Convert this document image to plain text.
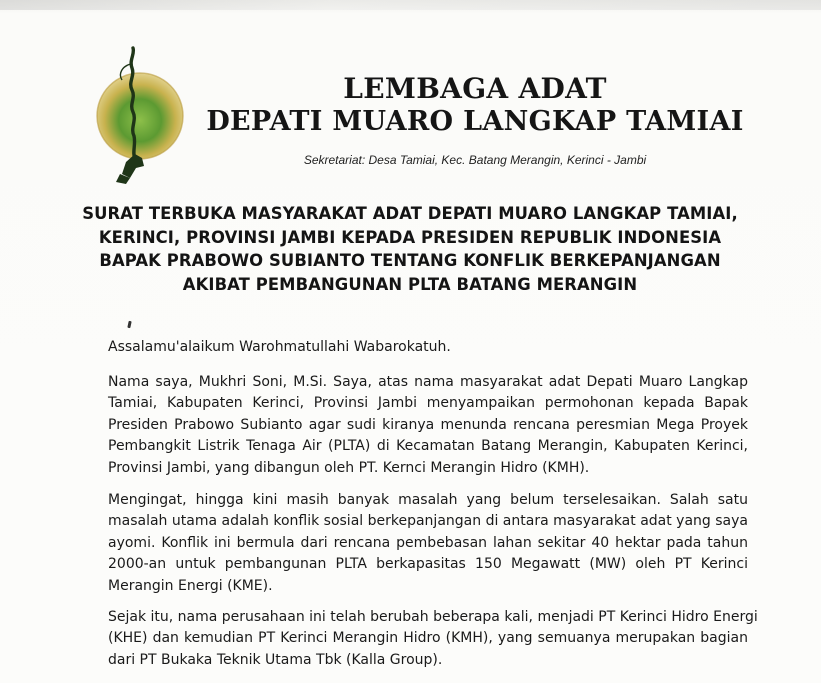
LEMBAGA ADAT
DEPATI MUARO LANGKAP TAMIAI
Sekretariat: Desa Tamiai, Kec. Batang Merangin, Kerinci - Jambi
SURAT TERBUKA MASYARAKAT ADAT DEPATI MUARO LANGKAP TAMIAI,
KERINCI, PROVINSI JAMBI KEPADA PRESIDEN REPUBLIK INDONESIA
BAPAK PRABOWO SUBIANTO TENTANG KONFLIK BERKEPANJANGAN
AKIBAT PEMBANGUNAN PLTA BATANG MERANGIN
Assalamu'alaikum Warohmatullahi Wabarokatuh.
Nama saya, Mukhri Soni, M.Si. Saya, atas nama masyarakat adat Depati Muaro Langkap
Tamiai, Kabupaten Kerinci, Provinsi Jambi menyampaikan permohonan kepada Bapak
Presiden Prabowo Subianto agar sudi kiranya menunda rencana peresmian Mega Proyek
Pembangkit Listrik Tenaga Air (PLTA) di Kecamatan Batang Merangin, Kabupaten Kerinci,
Provinsi Jambi, yang dibangun oleh PT. Kernci Merangin Hidro (KMH).
Mengingat, hingga kini masih banyak masalah yang belum terselesaikan. Salah satu
masalah utama adalah konflik sosial berkepanjangan di antara masyarakat adat yang saya
ayomi. Konflik ini bermula dari rencana pembebasan lahan sekitar 40 hektar pada tahun
2000-an untuk pembangunan PLTA berkapasitas 150 Megawatt (MW) oleh PT Kerinci
Merangin Energi (KME).
Sejak itu, nama perusahaan ini telah berubah beberapa kali, menjadi PT Kerinci Hidro Energi
(KHE) dan kemudian PT Kerinci Merangin Hidro (KMH), yang semuanya merupakan bagian
dari PT Bukaka Teknik Utama Tbk (Kalla Group).
